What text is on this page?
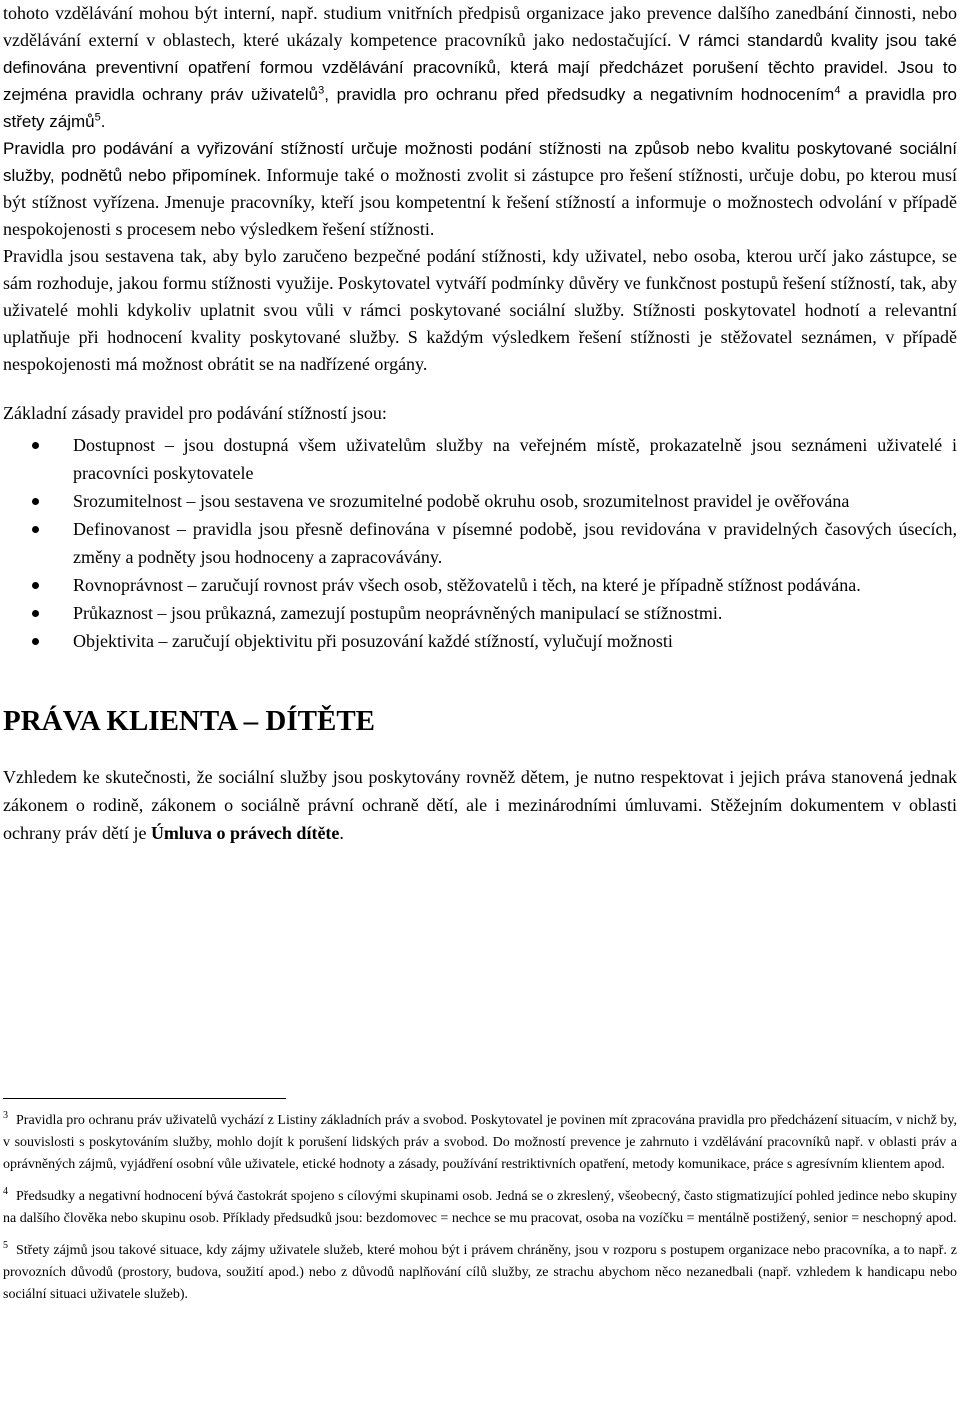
tohoto vzdělávání mohou být interní, např. studium vnitřních předpisů organizace jako prevence dalšího zanedbání činnosti, nebo vzdělávání externí v oblastech, které ukázaly kompetence pracovníků jako nedostačující. V rámci standardů kvality jsou také definována preventivní opatření formou vzdělávání pracovníků, která mají předcházet porušení těchto pravidel. Jsou to zejména pravidla ochrany práv uživatelů$^3$, pravidla pro ochranu před předsudky a negativním hodnocením$^4$ a pravidla pro střety zájmů$^5$.

Pravidla pro podávání a vyřizování stížností určuje možnosti podání stížnosti na způsob nebo kvalitu poskytované sociální služby, podnětů nebo připomínek. Informuje také o možnosti zvolit si zástupce pro řešení stížnosti, určuje dobu, po kterou musí být stížnost vyřízena. Jmenuje pracovníky, kteří jsou kompetentní k řešení stížností a informuje o možnostech odvolání v případě nespokojenosti s procesem nebo výsledkem řešení stížnosti.

Pravidla jsou sestavena tak, aby bylo zaručeno bezpečné podání stížnosti, kdy uživatel, nebo osoba, kterou určí jako zástupce, se sám rozhoduje, jakou formu stížnosti využije. Poskytovatel vytváří podmínky důvěry ve funkčnost postupů řešení stížností, tak, aby uživatelé mohli kdykoliv uplatnit svou vůli v rámci poskytované sociální služby. Stížnosti poskytovatel hodnotí a relevantní uplatňuje při hodnocení kvality poskytované služby. S každým výsledkem řešení stížnosti je stěžovatel seznámen, v případě nespokojenosti má možnost obrátit se na nadřízené orgány.

Základní zásady pravidel pro podávání stížností jsou:

Dostupnost – jsou dostupná všem uživatelům služby na veřejném místě, prokazatelně jsou seznámeni uživatelé i pracovníci poskytovatele
Srozumitelnost – jsou sestavena ve srozumitelné podobě okruhu osob, srozumitelnost pravidel je ověřována
Definovanost – pravidla jsou přesně definována v písemné podobě, jsou revidována v pravidelných časových úsecích, změny a podněty jsou hodnoceny a zapracovávány.
Rovnoprávnost – zaručují rovnost práv všech osob, stěžovatelů i těch, na které je případně stížnost podávána.
Průkaznost – jsou průkazná, zamezují postupům neoprávněných manipulací se stížnostmi.
Objektivita – zaručují objektivitu při posuzování každé stížností, vylučují možnosti
PRÁVA KLIENTA – DÍTĚTE

Vzhledem ke skutečnosti, že sociální služby jsou poskytovány rovněž dětem, je nutno respektovat i jejich práva stanovená jednak zákonem o rodině, zákonem o sociálně právní ochraně dětí, ale i mezinárodními úmluvami. Stěžejním dokumentem v oblasti ochrany práv dětí je Úmluva o právech dítěte.

$^3$ Pravidla pro ochranu práv uživatelů vychází z Listiny základních práv a svobod. Poskytovatel je povinen mít zpracována pravidla pro předcházení situacím, v nichž by, v souvislosti s poskytováním služby, mohlo dojít k porušení lidských práv a svobod. Do možností prevence je zahrnuto i vzdělávání pracovníků např. v oblasti práv a oprávněných zájmů, vyjádření osobní vůle uživatele, etické hodnoty a zásady, používání restriktivních opatření, metody komunikace, práce s agresívním klientem apod.

$^4$ Předsudky a negativní hodnocení bývá častokrát spojeno s cílovými skupinami osob. Jedná se o zkreslený, všeobecný, často stigmatizující pohled jedince nebo skupiny na dalšího člověka nebo skupinu osob. Příklady předsudků jsou: bezdomovec = nechce se mu pracovat, osoba na vozíčku = mentálně postižený, senior = neschopný apod.

$^5$ Střety zájmů jsou takové situace, kdy zájmy uživatele služeb, které mohou být i právem chráněny, jsou v rozporu s postupem organizace nebo pracovníka, a to např. z provozních důvodů (prostory, budova, soužití apod.) nebo z důvodů naplňování cílů služby, ze strachu abychom něco nezanedbali (např. vzhledem k handicapu nebo sociální situaci uživatele služeb).
